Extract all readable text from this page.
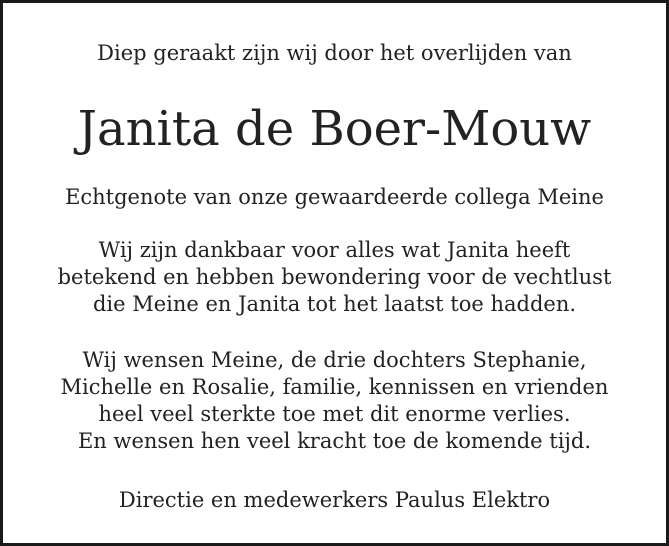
Diep geraakt zijn wij door het overlijden van
Janita de Boer-Mouw
Echtgenote van onze gewaardeerde collega Meine
Wij zijn dankbaar voor alles wat Janita heeft
betekend en hebben bewondering voor de vechtlust
die Meine en Janita tot het laatst toe hadden.
Wij wensen Meine, de drie dochters Stephanie,
Michelle en Rosalie, familie, kennissen en vrienden
heel veel sterkte toe met dit enorme verlies.
En wensen hen veel kracht toe de komende tijd.
Directie en medewerkers Paulus Elektro
